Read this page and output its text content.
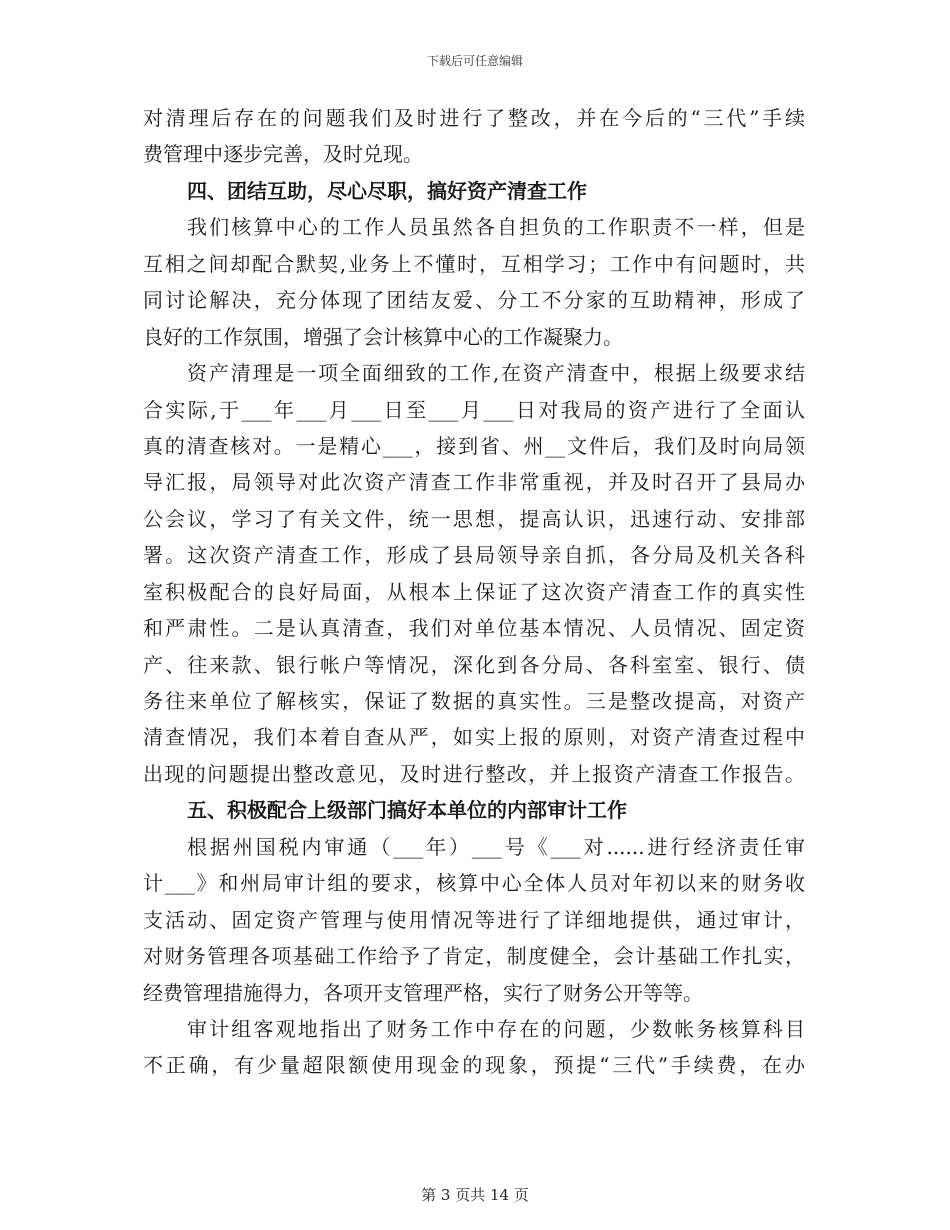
下载后可任意编辑
对清理后存在的问题我们及时进行了整改，并在今后的“三代”手续
费管理中逐步完善，及时兑现。
四、团结互助，尽心尽职，搞好资产清查工作
我们核算中心的工作人员虽然各自担负的工作职责不一样，但是
互相之间却配合默契,业务上不懂时，互相学习；工作中有问题时，共
同讨论解决，充分体现了团结友爱、分工不分家的互助精神，形成了
良好的工作氛围，增强了会计核算中心的工作凝聚力。
资产清理是一项全面细致的工作,在资产清查中，根据上级要求结
合实际,于___年___月___日至___月___日对我局的资产进行了全面认
真的清查核对。一是精心___，接到省、州__文件后，我们及时向局领
导汇报，局领导对此次资产清查工作非常重视，并及时召开了县局办
公会议，学习了有关文件，统一思想，提高认识，迅速行动、安排部
署。这次资产清查工作，形成了县局领导亲自抓，各分局及机关各科
室积极配合的良好局面，从根本上保证了这次资产清查工作的真实性
和严肃性。二是认真清查，我们对单位基本情况、人员情况、固定资
产、往来款、银行帐户等情况，深化到各分局、各科室室、银行、债
务往来单位了解核实，保证了数据的真实性。三是整改提高，对资产
清查情况，我们本着自查从严，如实上报的原则，对资产清查过程中
出现的问题提出整改意见，及时进行整改，并上报资产清查工作报告。
五、积极配合上级部门搞好本单位的内部审计工作
根据州国税内审通（___年）___号《___对......进行经济责任审
计___》和州局审计组的要求，核算中心全体人员对年初以来的财务收
支活动、固定资产管理与使用情况等进行了详细地提供，通过审计，
对财务管理各项基础工作给予了肯定，制度健全，会计基础工作扎实，
经费管理措施得力，各项开支管理严格，实行了财务公开等等。
审计组客观地指出了财务工作中存在的问题，少数帐务核算科目
不正确，有少量超限额使用现金的现象，预提“三代”手续费，在办
第 3 页共 14 页
